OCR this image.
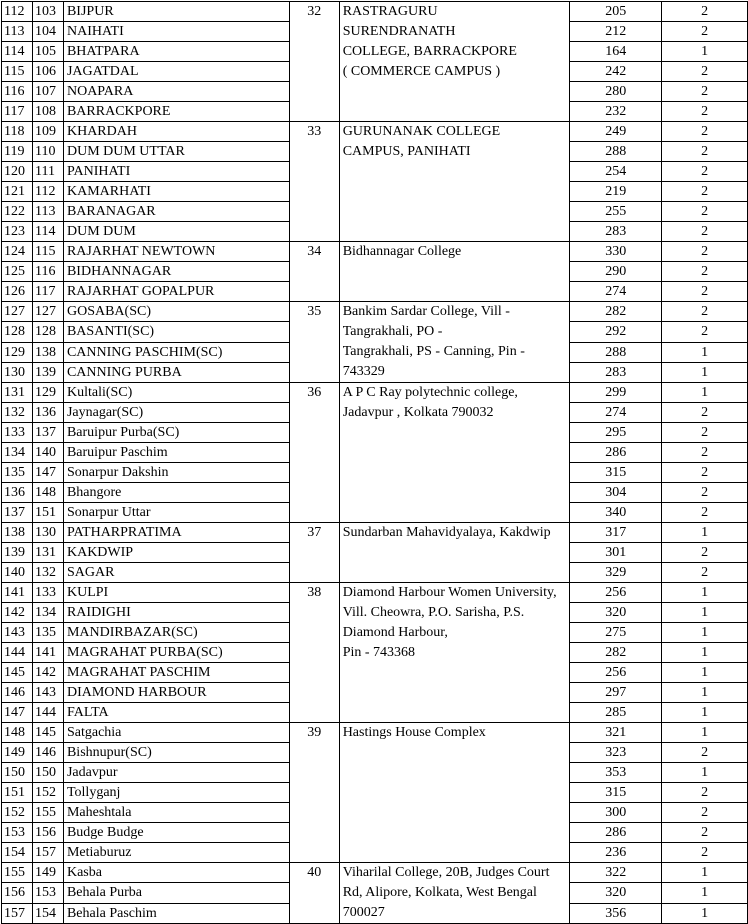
112	103	BIJPUR	32	RASTRAGURU
SURENDRANATH
COLLEGE, BARRACKPORE
( COMMERCE CAMPUS )	205	2
113	104	NAIHATI			212	2
114	105	BHATPARA			164	1
115	106	JAGATDAL			242	2
116	107	NOAPARA			280	2
117	108	BARRACKPORE			232	2
118	109	KHARDAH	33	GURUNANAK COLLEGE
CAMPUS, PANIHATI	249	2
119	110	DUM DUM UTTAR			288	2
120	111	PANIHATI			254	2
121	112	KAMARHATI			219	2
122	113	BARANAGAR			255	2
123	114	DUM DUM			283	2
124	115	RAJARHAT NEWTOWN	34	Bidhannagar College	330	2
125	116	BIDHANNAGAR			290	2
126	117	RAJARHAT GOPALPUR			274	2
127	127	GOSABA(SC)	35	Bankim Sardar College, Vill -
Tangrakhali, PO -
Tangrakhali, PS - Canning, Pin -
743329	282	2
128	128	BASANTI(SC)			292	2
129	138	CANNING PASCHIM(SC)			288	1
130	139	CANNING PURBA			283	1
131	129	Kultali(SC)	36	A P C Ray polytechnic college,
Jadavpur , Kolkata 790032	299	1
132	136	Jaynagar(SC)			274	2
133	137	Baruipur Purba(SC)			295	2
134	140	Baruipur Paschim			286	2
135	147	Sonarpur Dakshin			315	2
136	148	Bhangore			304	2
137	151	Sonarpur Uttar			340	2
138	130	PATHARPRATIMA	37	Sundarban Mahavidyalaya, Kakdwip	317	1
139	131	KAKDWIP			301	2
140	132	SAGAR			329	2
141	133	KULPI	38	Diamond Harbour Women University,
Vill. Cheowra, P.O. Sarisha, P.S.
Diamond Harbour,
Pin - 743368	256	1
142	134	RAIDIGHI			320	1
143	135	MANDIRBAZAR(SC)			275	1
144	141	MAGRAHAT PURBA(SC)			282	1
145	142	MAGRAHAT PASCHIM			256	1
146	143	DIAMOND HARBOUR			297	1
147	144	FALTA			285	1
148	145	Satgachia	39	Hastings House Complex	321	1
149	146	Bishnupur(SC)			323	2
150	150	Jadavpur			353	1
151	152	Tollyganj			315	2
152	155	Maheshtala			300	2
153	156	Budge Budge			286	2
154	157	Metiaburuz			236	2
155	149	Kasba	40	Viharilal College, 20B, Judges Court
Rd, Alipore, Kolkata, West Bengal
700027	322	1
156	153	Behala Purba			320	1
157	154	Behala Paschim			356	1
